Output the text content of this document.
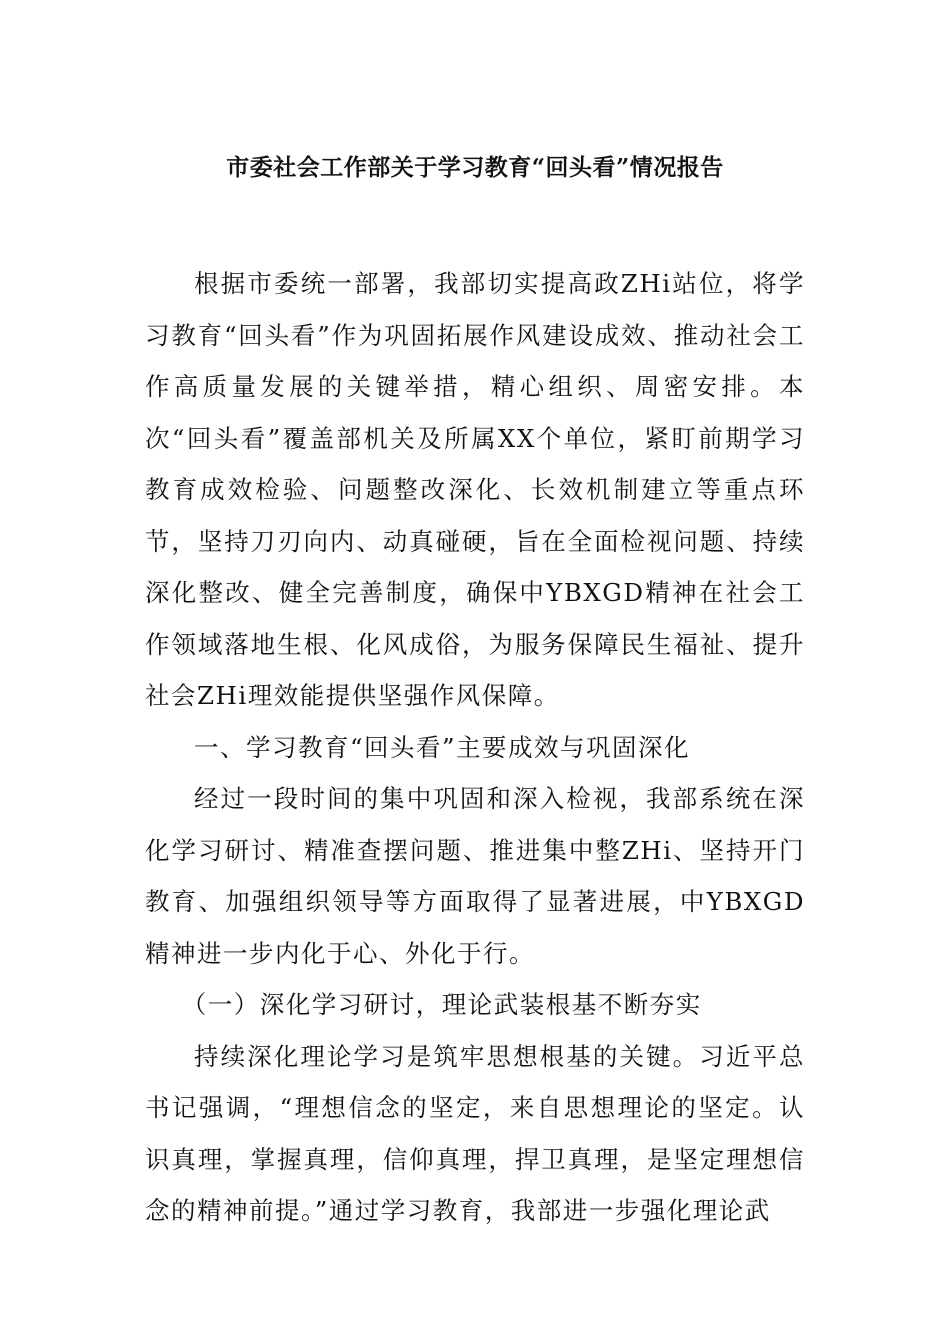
市委社会工作部关于学习教育“回头看”情况报告

根据市委统一部署，我部切实提高政ZHi站位，将学习教育“回头看”作为巩固拓展作风建设成效、推动社会工作高质量发展的关键举措，精心组织、周密安排。本次“回头看”覆盖部机关及所属XX个单位，紧盯前期学习教育成效检验、问题整改深化、长效机制建立等重点环节，坚持刀刃向内、动真碰硬，旨在全面检视问题、持续深化整改、健全完善制度，确保中YBXGD精神在社会工作领域落地生根、化风成俗，为服务保障民生福祉、提升社会ZHi理效能提供坚强作风保障。

一、学习教育“回头看”主要成效与巩固深化

经过一段时间的集中巩固和深入检视，我部系统在深化学习研讨、精准查摆问题、推进集中整ZHi、坚持开门教育、加强组织领导等方面取得了显著进展，中YBXGD精神进一步内化于心、外化于行。

（一）深化学习研讨，理论武装根基不断夯实

持续深化理论学习是筑牢思想根基的关键。习近平总书记强调，“理想信念的坚定，来自思想理论的坚定。认识真理，掌握真理，信仰真理，捍卫真理，是坚定理想信念的精神前提。”通过学习教育，我部进一步强化理论武
